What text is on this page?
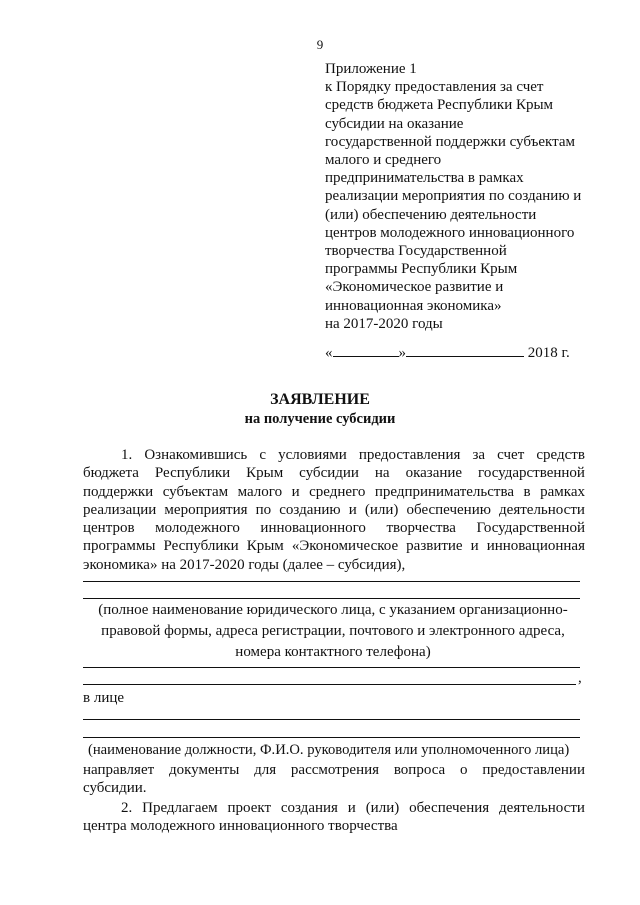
9
Приложение 1
к Порядку предоставления за счет
средств бюджета Республики Крым
субсидии на оказание
государственной поддержки субъектам
малого и среднего
предпринимательства в рамках
реализации мероприятия по созданию и
(или) обеспечению деятельности
центров молодежного инновационного
творчества Государственной
программы Республики Крым
«Экономическое развитие и
инновационная экономика»
на 2017-2020 годы
«	»	2018 г.
ЗАЯВЛЕНИЕ
на получение субсидии
1. Ознакомившись с условиями предоставления за счет средств
бюджета Республики Крым субсидии на оказание государственной
поддержки субъектам малого и среднего предпринимательства в рамках
реализации мероприятия по созданию и (или) обеспечению деятельности
центров молодежного инновационного творчества Государственной
программы Республики Крым «Экономическое развитие и инновационная
экономика» на 2017-2020 годы (далее – субсидия),
(полное наименование юридического лица, с указанием организационно-
правовой формы, адреса регистрации, почтового и электронного адреса,
номера контактного телефона)
,
в лице
(наименование должности, Ф.И.О. руководителя или уполномоченного лица)
направляет документы для рассмотрения вопроса о предоставлении
субсидии.
2. Предлагаем проект создания и (или) обеспечения деятельности
центра молодежного инновационного творчества
